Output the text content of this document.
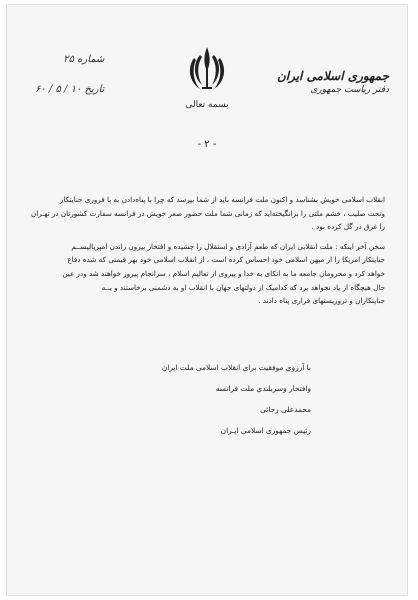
شماره ۲۵
تاریخ ۱۰ / ۵ / ۶۰
بسمه تعالی
جمهوری اسلامی ایران
دفتر ریاست جمهوری
- ۲ -

انقلاب اسلامی خویش بشناسد و اکنون ملت فرانسه باید از شما بپرسد که چرا با پناه‌دادن به‌ با فروری جنایتکار

وتحت صلیب ، خشم ملتی را برانگیخته‌اید که زمانی شما ملت حضور صعر خویش در فرانسه سفارت کشورتان در تهـران

را غرق در گل کرده بود .

سخن آخر اینکه : ملت انقلابی ایران که طعم آزادی و استقلال را چشیده و افتخار بیرون راندن امپریالیســم

جنایتکار امریکا را از میهن اسلامی خود احساس کرده است ، از انقلاب اسلامی خود بهر قیمتی که شده دفاع

خواهد کرد و محرومان جامعه ما به اتکای به خدا و پیروی از تعالیم اسلام ، سرانجام پیروز خواهند شد ودر عین

حال هیچگاه از یاد نخواهد برد که کدامیک از دولتهای جهان با انقلاب او به دشمنی برخاستند و بــه

جنایتکاران و تروریستهای فراری پناه دادند .

با آرزوی موفقیت برای انقلاب اسلامی ملت ایران
وافتخار وسربلندی ملت فرانسه
محمدعلی رجائی
رئیس جمهوری اسلامی ایـران
